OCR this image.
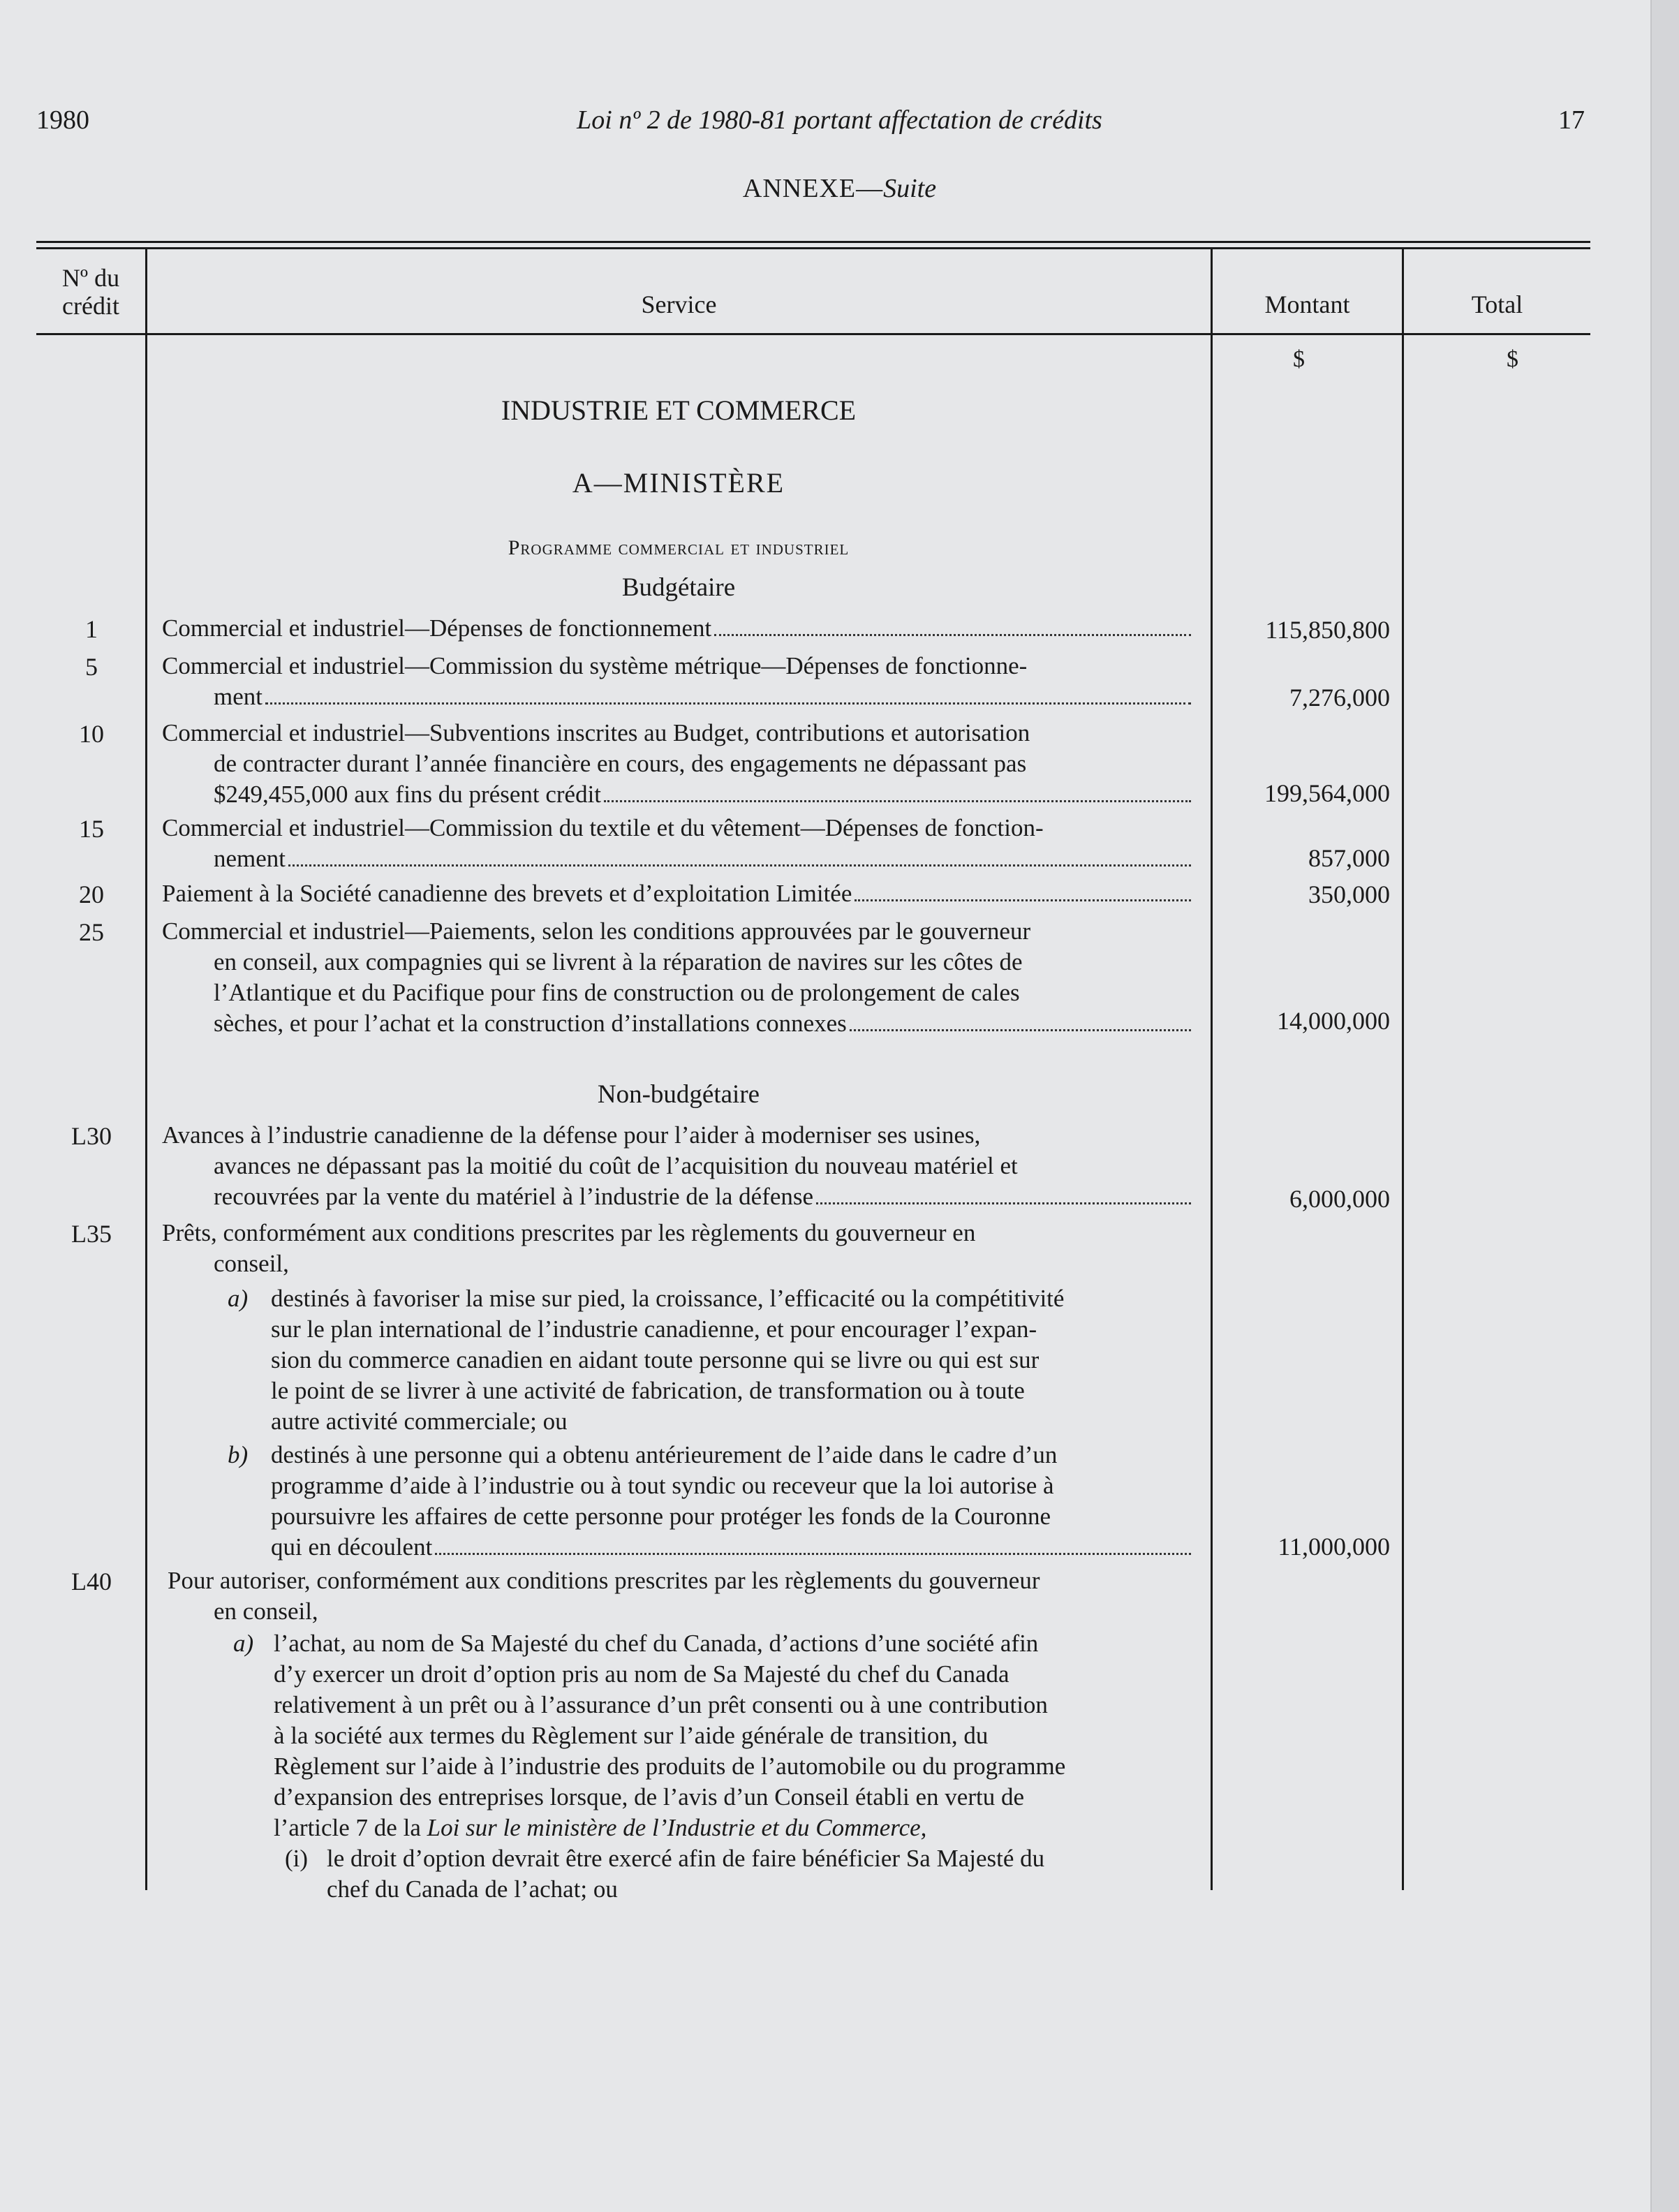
1980	Loi nº 2 de 1980-81 portant affectation de crédits	17
ANNEXE—Suite
Nº du
crédit	Service	Montant	Total
$	$
INDUSTRIE ET COMMERCE
A—MINISTÈRE
Programme commercial et industriel
Budgétaire
1	Commercial et industriel—Dépenses de fonctionnement	115,850,800
5	Commercial et industriel—Commission du système métrique—Dépenses de fonctionne-
ment	7,276,000
10	Commercial et industriel—Subventions inscrites au Budget, contributions et autorisation
de contracter durant l’année financière en cours, des engagements ne dépassant pas
$249,455,000 aux fins du présent crédit	199,564,000
15	Commercial et industriel—Commission du textile et du vêtement—Dépenses de fonction-
nement	857,000
20	Paiement à la Société canadienne des brevets et d’exploitation Limitée	350,000
25	Commercial et industriel—Paiements, selon les conditions approuvées par le gouverneur
en conseil, aux compagnies qui se livrent à la réparation de navires sur les côtes de
l’Atlantique et du Pacifique pour fins de construction ou de prolongement de cales
sèches, et pour l’achat et la construction d’installations connexes	14,000,000
Non-budgétaire
L30	Avances à l’industrie canadienne de la défense pour l’aider à moderniser ses usines,
avances ne dépassant pas la moitié du coût de l’acquisition du nouveau matériel et
recouvrées par la vente du matériel à l’industrie de la défense	6,000,000
L35	Prêts, conformément aux conditions prescrites par les règlements du gouverneur en
conseil,
a) destinés à favoriser la mise sur pied, la croissance, l’efficacité ou la compétitivité
sur le plan international de l’industrie canadienne, et pour encourager l’expan-
sion du commerce canadien en aidant toute personne qui se livre ou qui est sur
le point de se livrer à une activité de fabrication, de transformation ou à toute
autre activité commerciale; ou
b) destinés à une personne qui a obtenu antérieurement de l’aide dans le cadre d’un
programme d’aide à l’industrie ou à tout syndic ou receveur que la loi autorise à
poursuivre les affaires de cette personne pour protéger les fonds de la Couronne
qui en découlent	11,000,000
L40	Pour autoriser, conformément aux conditions prescrites par les règlements du gouverneur
en conseil,
a) l’achat, au nom de Sa Majesté du chef du Canada, d’actions d’une société afin
d’y exercer un droit d’option pris au nom de Sa Majesté du chef du Canada
relativement à un prêt ou à l’assurance d’un prêt consenti ou à une contribution
à la société aux termes du Règlement sur l’aide générale de transition, du
Règlement sur l’aide à l’industrie des produits de l’automobile ou du programme
d’expansion des entreprises lorsque, de l’avis d’un Conseil établi en vertu de
l’article 7 de la Loi sur le ministère de l’Industrie et du Commerce,
(i) le droit d’option devrait être exercé afin de faire bénéficier Sa Majesté du
chef du Canada de l’achat; ou
